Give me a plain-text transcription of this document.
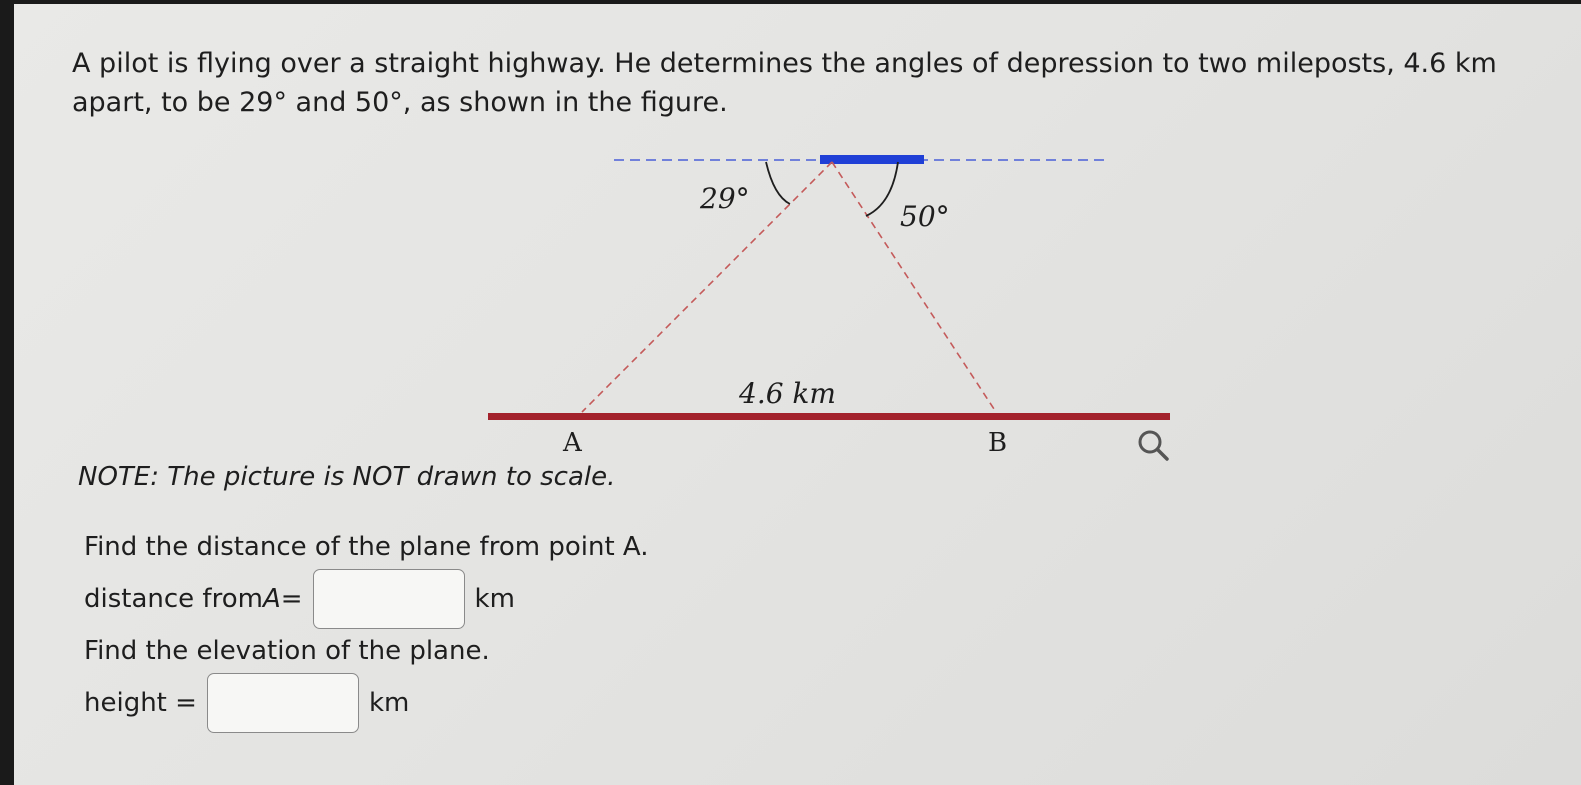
A pilot is flying over a straight highway. He determines the angles of depression to two mileposts, 4.6 km
apart, to be 29° and 50°, as shown in the figure.
29°
50°
4.6 km
A	B
NOTE: The picture is NOT drawn to scale.
Find the distance of the plane from point A.
distance from A =	km
Find the elevation of the plane.
height =	km
